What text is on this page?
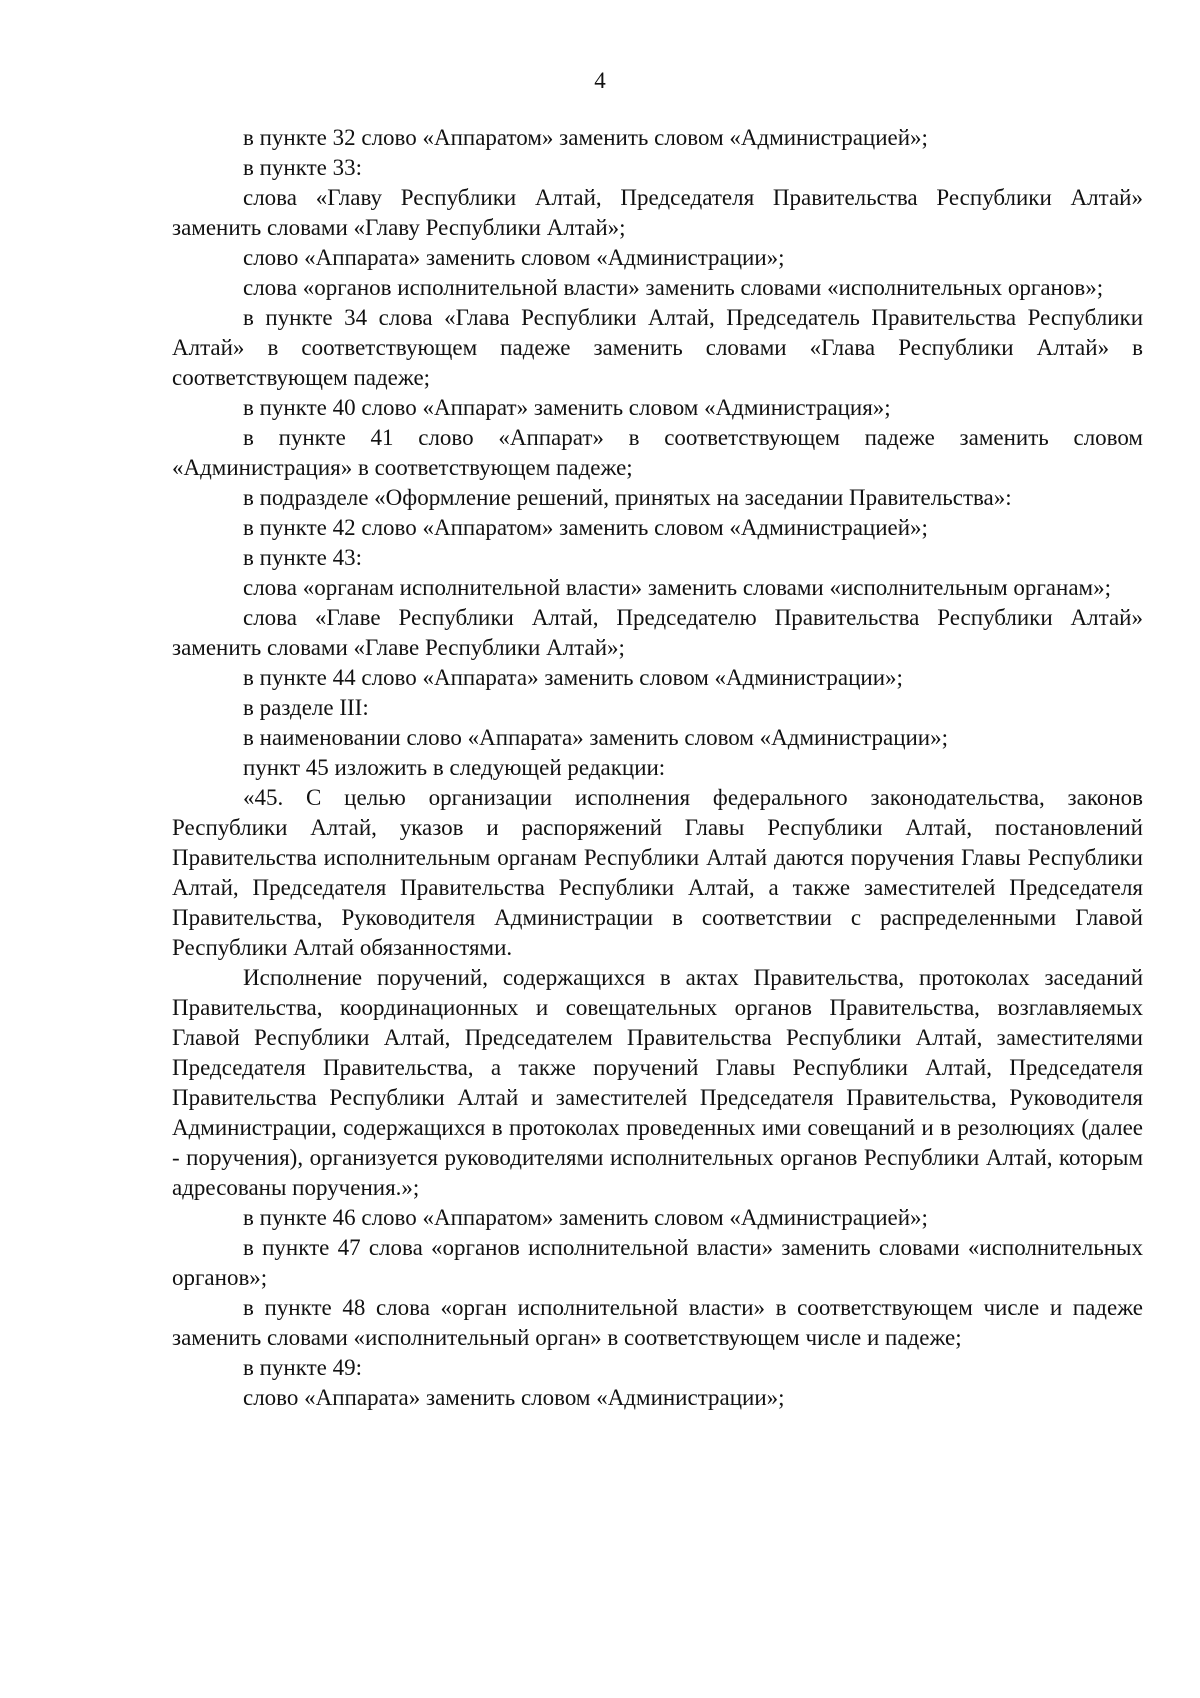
4

в пункте 32 слово «Аппаратом» заменить словом «Администрацией»;

в пункте 33:

слова «Главу Республики Алтай, Председателя Правительства Республики Алтай» заменить словами «Главу Республики Алтай»;

слово «Аппарата» заменить словом «Администрации»;

слова «органов исполнительной власти» заменить словами «исполнительных органов»;

в пункте 34 слова «Глава Республики Алтай, Председатель Правительства Республики Алтай» в соответствующем падеже заменить словами «Глава Республики Алтай» в соответствующем падеже;

в пункте 40 слово «Аппарат» заменить словом «Администрация»;

в пункте 41 слово «Аппарат» в соответствующем падеже заменить словом «Администрация» в соответствующем падеже;

в подразделе «Оформление решений, принятых на заседании Правительства»:

в пункте 42 слово «Аппаратом» заменить словом «Администрацией»;

в пункте 43:

слова «органам исполнительной власти» заменить словами «исполнительным органам»;

слова «Главе Республики Алтай, Председателю Правительства Республики Алтай» заменить словами «Главе Республики Алтай»;

в пункте 44 слово «Аппарата» заменить словом «Администрации»;

в разделе III:

в наименовании слово «Аппарата» заменить словом «Администрации»;

пункт 45 изложить в следующей редакции:

«45. С целью организации исполнения федерального законодательства, законов Республики Алтай, указов и распоряжений Главы Республики Алтай, постановлений Правительства исполнительным органам Республики Алтай даются поручения Главы Республики Алтай, Председателя Правительства Республики Алтай, а также заместителей Председателя Правительства, Руководителя Администрации в соответствии с распределенными Главой Республики Алтай обязанностями.

Исполнение поручений, содержащихся в актах Правительства, протоколах заседаний Правительства, координационных и совещательных органов Правительства, возглавляемых Главой Республики Алтай, Председателем Правительства Республики Алтай, заместителями Председателя Правительства, а также поручений Главы Республики Алтай, Председателя Правительства Республики Алтай и заместителей Председателя Правительства, Руководителя Администрации, содержащихся в протоколах проведенных ими совещаний и в резолюциях (далее - поручения), организуется руководителями исполнительных органов Республики Алтай, которым адресованы поручения.»;

в пункте 46 слово «Аппаратом» заменить словом «Администрацией»;

в пункте 47 слова «органов исполнительной власти» заменить словами «исполнительных органов»;

в пункте 48 слова «орган исполнительной власти» в соответствующем числе и падеже заменить словами «исполнительный орган» в соответствующем числе и падеже;

в пункте 49:

слово «Аппарата» заменить словом «Администрации»;
